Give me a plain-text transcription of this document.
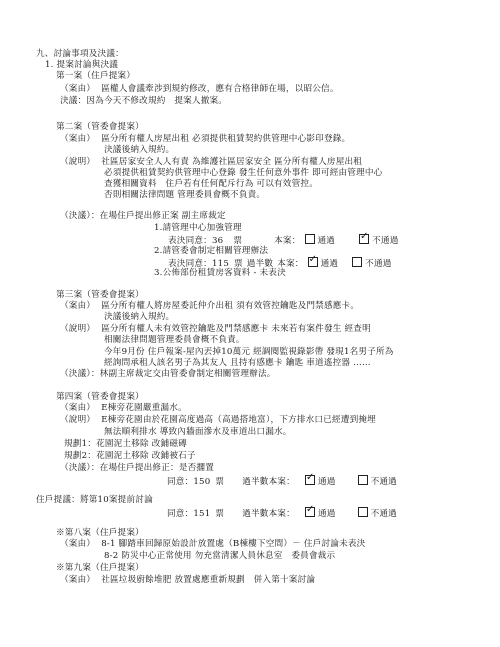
九、討論事項及決議：
1. 提案討論與決議
第一案（住戶提案）
（案由） 區權人會議牽涉到規約修改，應有合格律師在場，以昭公信。
決議：因為今天不修改規約　提案人撤案。
第二案（管委會提案）
（案由） 區分所有權人房屋出租 必須提供租賃契約供管理中心影印登錄。
決議後納入規約。
（說明） 社區居家安全人人有責 為維護社區居家安全 區分所有權人房屋出租
必須提供租賃契約供管理中心登錄 發生任何意外事件 即可經由管理中心
查獲相關資料　住戶若有任何配斥行為 可以有效管控。
否則相關法律問題 管理委員會概不負責。
（決議）：在場住戶提出修正案 副主席裁定
1.請管理中心加強管理
表決同意：36 票	本案： 通過 ✓	不通過
2.請管委會制定相關管理辦法
表決同意：115 票 過半數 本案： ✓ 通過	不通過
3.公佈部份租賃房客資料 - 未表決
第三案（管委會提案）
（案由） 區分所有權人將房屋委託仲介出租 須有效管控鑰匙及門禁感應卡。
決議後納入規約。
（說明） 區分所有權人未有效管控鑰匙及門禁感應卡 未來若有案件發生 經查明
相關法律問題管理委員會概不負責。
今年9月份 住戶報案-屋內丟掉10萬元 經調閱監視錄影帶 發現1名男子所為
經詢問承租人該名男子為其友人 且持有感應卡 鑰匙 車道遙控器 ……
（決議）：林副主席裁定交由管委會制定相關管理辦法。
第四案（管委會提案）
（案由） E棟旁花園嚴重漏水。
（說明） E棟旁花園由於花園高度過高（高過搭地富），下方排水口已經遭到掩埋
無法順利排水 導致內牆面滲水及車道出口漏水。
規劃1：花園泥土移除 改鋪磁磚
規劃2：花園泥土移除 改鋪被石子
（決議）：在場住戶提出修正：是否擱置
同意：150 票 過半數本案： ✓	通過	不通過
住戶提議：將第10案提前討論
同意：151 票 過半數本案： ✓	通過	不通過
※第八案（住戶提案）
（案由） 8-1 腳踏車回歸原始設計放置處（B棟樓下空間）－ 住戶討論未表決
8-2 防災中心正常使用 勿充當清潔人員休息室　委員會裁示
※第九案（住戶提案）
（案由） 社區垃圾廚餘堆肥 放置處應重新規劃　併入第十案討論
